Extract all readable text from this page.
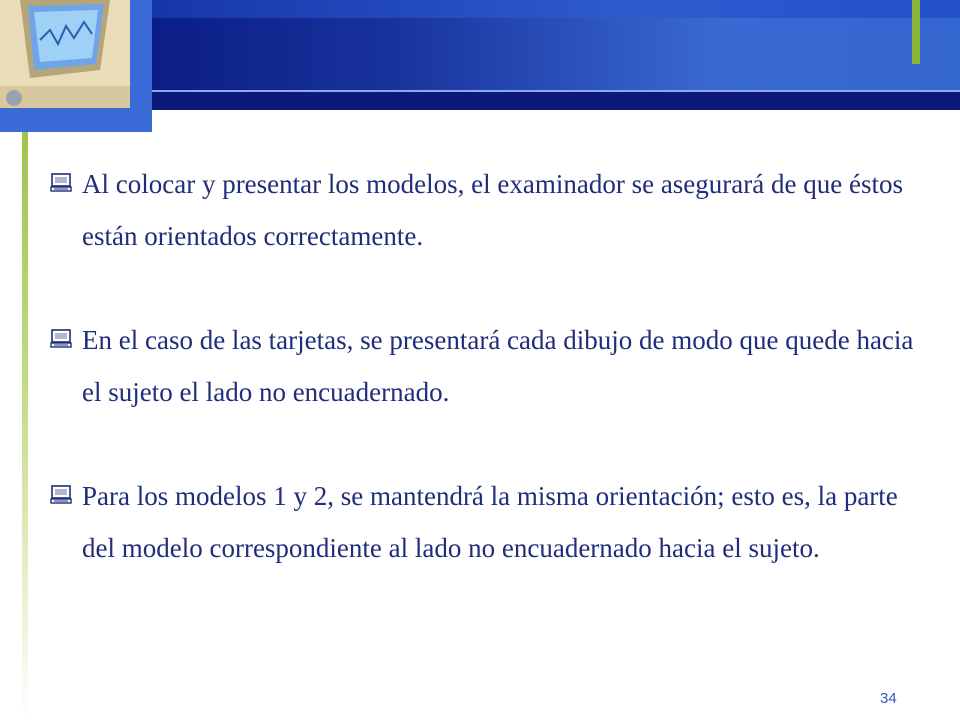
Al colocar y presentar los modelos, el examinador se asegurará de que éstos están orientados correctamente.
En el caso de las tarjetas, se presentará cada dibujo de modo que quede hacia el sujeto el lado no encuadernado.
Para los modelos 1 y 2, se mantendrá la misma orientación; esto es, la parte del modelo correspondiente al lado no encuadernado hacia el sujeto.
34
